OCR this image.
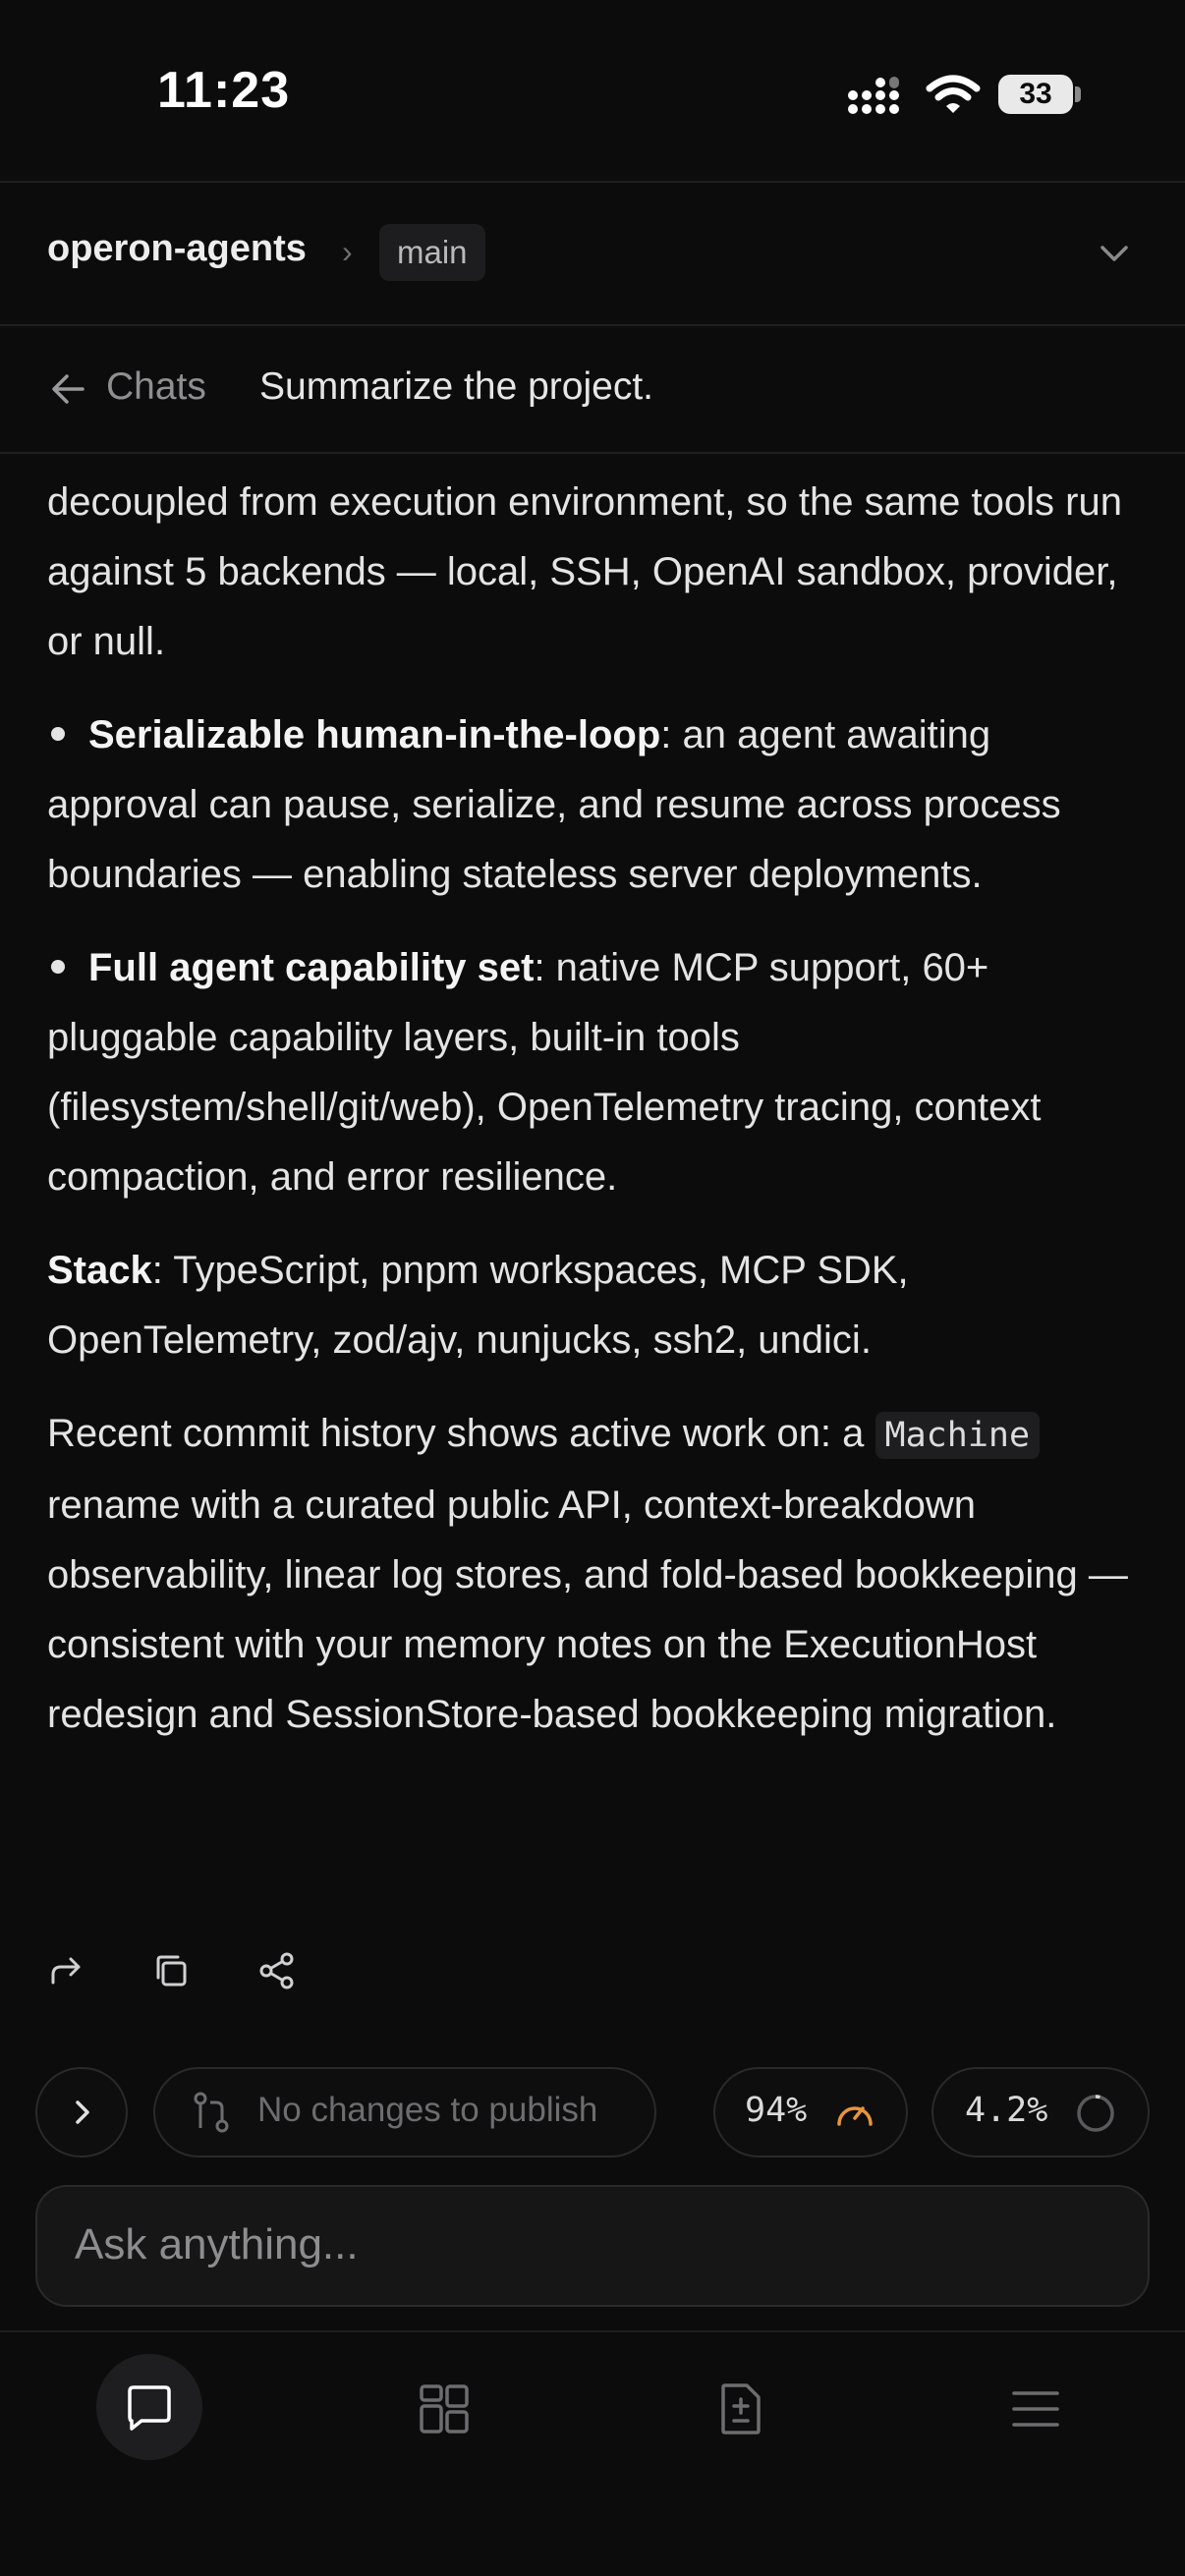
11:23	33
operon-agents ›	main
Chats Summarize the project.

decoupled from execution environment, so the same tools run against 5 backends — local, SSH, OpenAI sandbox, provider, or null.

Serializable human-in-the-loop: an agent awaiting approval can pause, serialize, and resume across process boundaries — enabling stateless server deployments.
Full agent capability set: native MCP support, 60+ pluggable capability layers, built-in tools (filesystem/shell/git/web), OpenTelemetry tracing, context compaction, and error resilience.

Stack: TypeScript, pnpm workspaces, MCP SDK, OpenTelemetry, zod/ajv, nunjucks, ssh2, undici.

Recent commit history shows active work on: a Machine rename with a curated public API, context-breakdown observability, linear log stores, and fold-based bookkeeping — consistent with your memory notes on the ExecutionHost redesign and SessionStore-based bookkeeping migration.

No changes to publish	94%	4.2%
Ask anything...
